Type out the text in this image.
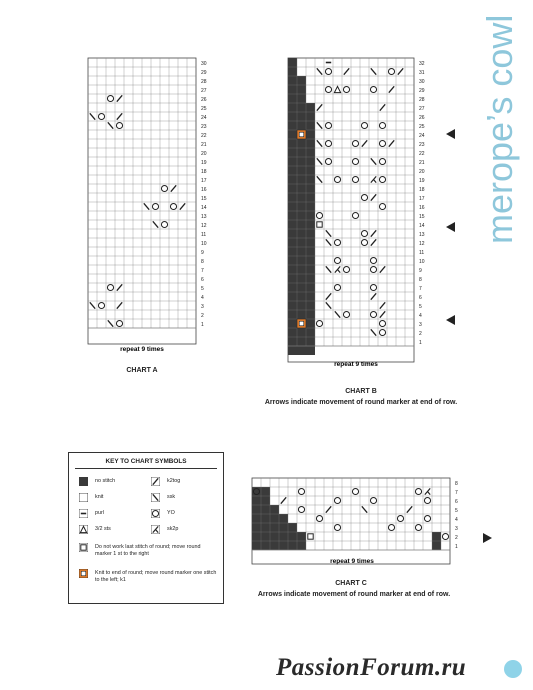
merope’s cowl
30
29
28
27
26
25
24
23
22
21
20
19
18
17
16
15
14
13
12
11
10
9
8
7
6
5
4
3
2
1
repeat 9 times
CHART A
32
31
30
29
28
27
26
25
24
23
22
21
20
19
18
17
16
15
14
13
12
11
10
9
8
7
6
5
4
3
2
1
repeat 9 times
CHART B
Arrows indicate movement of round marker at end of row.
KEY TO CHART SYMBOLS
no stitch	k2tog
knit	ssk
purl	YO
3/2 sts	sk2p
Do not work last stitch of round; move round marker 1 st to the right
Knit to end of round; move round marker one stitch to the left; k1
8
7
6
5
4
3
2
1
repeat 9 times
CHART C
Arrows indicate movement of round marker at end of row.
PassionForum.ru
